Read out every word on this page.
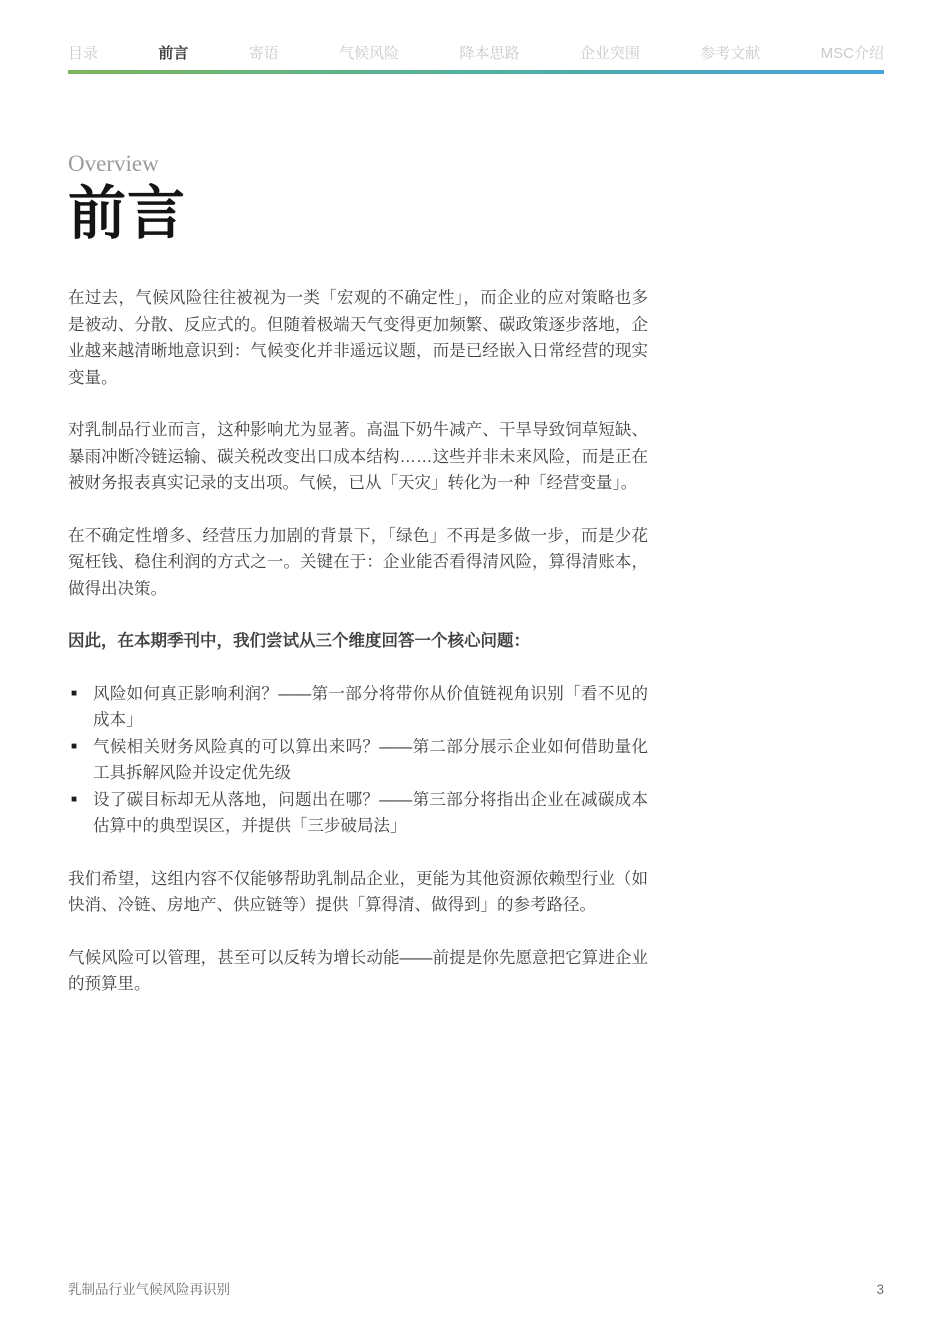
目录	前言	寄语	气候风险	降本思路	企业突围	参考文献	MSC介绍

Overview

前言

在过去，气候风险往往被视为一类「宏观的不确定性」，而企业的应对策略也多是被动、分散、反应式的。但随着极端天气变得更加频繁、碳政策逐步落地，企业越来越清晰地意识到：气候变化并非遥远议题，而是已经嵌入日常经营的现实变量。

对乳制品行业而言，这种影响尤为显著。高温下奶牛减产、干旱导致饲草短缺、暴雨冲断冷链运输、碳关税改变出口成本结构……这些并非未来风险，而是正在被财务报表真实记录的支出项。气候，已从「天灾」转化为一种「经营变量」。

在不确定性增多、经营压力加剧的背景下，「绿色」不再是多做一步，而是少花冤枉钱、稳住利润的方式之一。关键在于：企业能否看得清风险，算得清账本，做得出决策。

因此，在本期季刊中，我们尝试从三个维度回答一个核心问题：

■ 风险如何真正影响利润？——第一部分将带你从价值链视角识别「看不见的成本」
■ 气候相关财务风险真的可以算出来吗？——第二部分展示企业如何借助量化工具拆解风险并设定优先级
■ 设了碳目标却无从落地，问题出在哪？——第三部分将指出企业在减碳成本估算中的典型误区，并提供「三步破局法」

我们希望，这组内容不仅能够帮助乳制品企业，更能为其他资源依赖型行业（如快消、冷链、房地产、供应链等）提供「算得清、做得到」的参考路径。

气候风险可以管理，甚至可以反转为增长动能——前提是你先愿意把它算进企业的预算里。

乳制品行业气候风险再识别	3
